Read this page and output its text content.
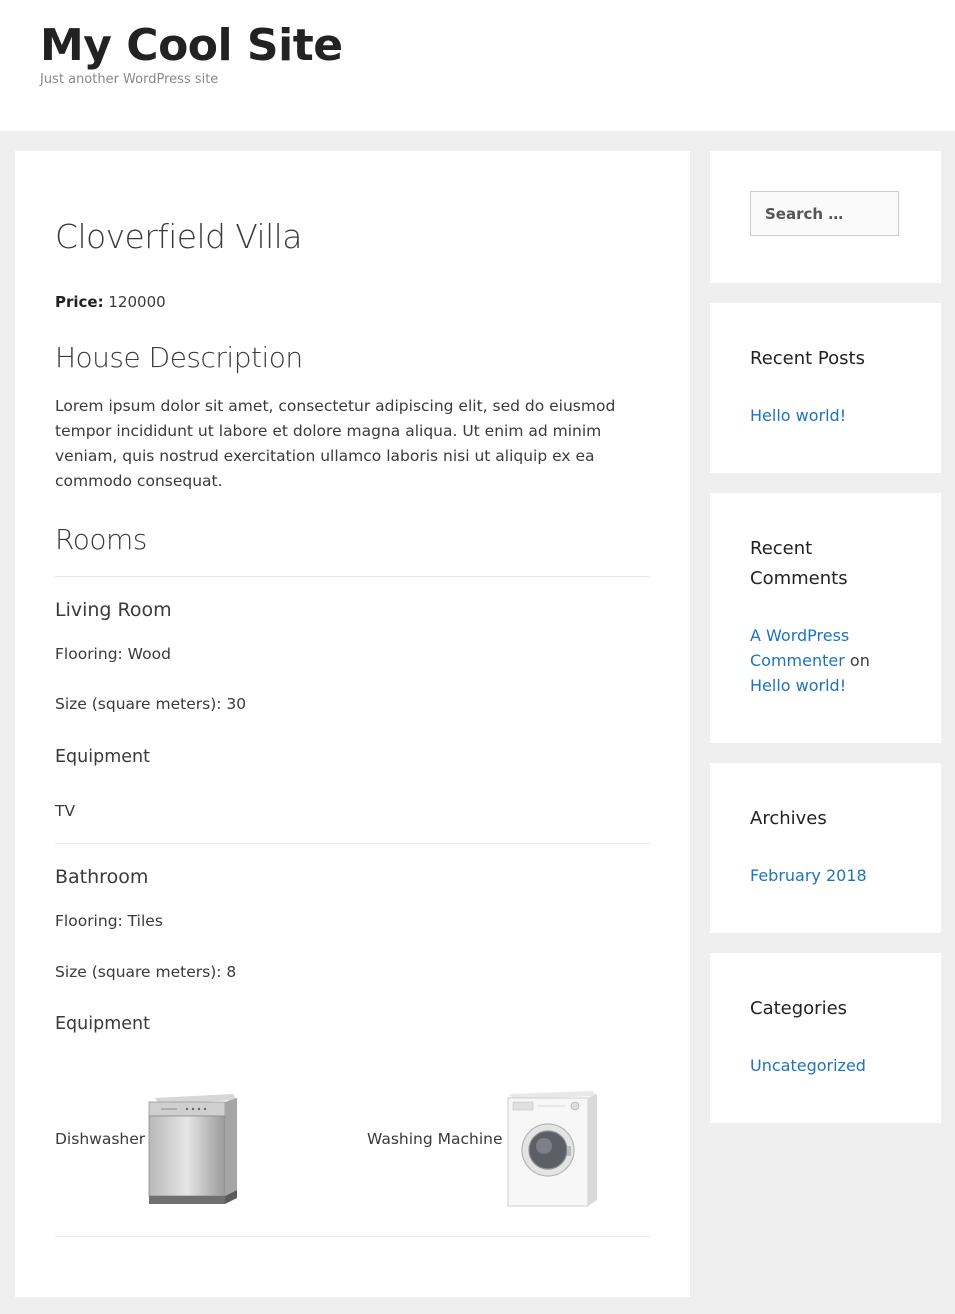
My Cool Site

Just another WordPress site

Cloverfield Villa

Price: 120000

House Description

Lorem ipsum dolor sit amet, consectetur adipiscing elit, sed do eiusmod tempor incididunt ut labore et dolore magna aliqua. Ut enim ad minim veniam, quis nostrud exercitation ullamco laboris nisi ut aliquip ex ea commodo consequat.

Rooms
Living Room

Flooring: Wood

Size (square meters): 30

Equipment
TV
Bathroom

Flooring: Tiles

Size (square meters): 8

Equipment
Dishwasher	Washing Machine
Search …
Recent Posts

Hello world!

Recent Comments

A WordPress Commenter on Hello world!

Archives

February 2018

Categories

Uncategorized
